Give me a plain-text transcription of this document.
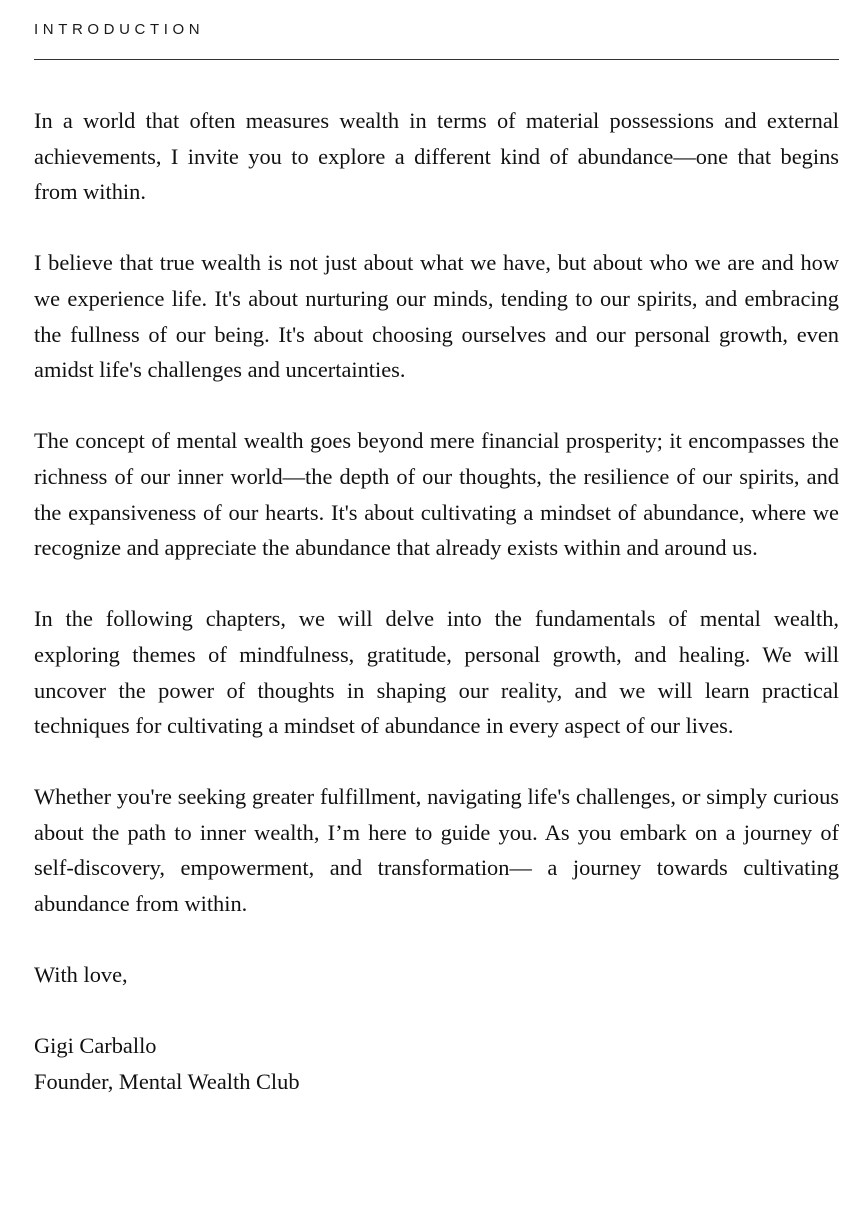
INTRODUCTION

In a world that often measures wealth in terms of material possessions and external achievements, I invite you to explore a different kind of abundance—one that begins from within.

I believe that true wealth is not just about what we have, but about who we are and how we experience life. It's about nurturing our minds, tending to our spirits, and embracing the fullness of our being. It's about choosing ourselves and our personal growth, even amidst life's challenges and uncertainties.

The concept of mental wealth goes beyond mere financial prosperity; it encompasses the richness of our inner world—the depth of our thoughts, the resilience of our spirits, and the expansiveness of our hearts. It's about cultivating a mindset of abundance, where we recognize and appreciate the abundance that already exists within and around us.

In the following chapters, we will delve into the fundamentals of mental wealth, exploring themes of mindfulness, gratitude, personal growth, and healing. We will uncover the power of thoughts in shaping our reality, and we will learn practical techniques for cultivating a mindset of abundance in every aspect of our lives.

Whether you're seeking greater fulfillment, navigating life's challenges, or simply curious about the path to inner wealth, I’m here to guide you. As you embark on a journey of self-discovery, empowerment, and transformation— a journey towards cultivating abundance from within.

With love,

Gigi Carballo
Founder, Mental Wealth Club
